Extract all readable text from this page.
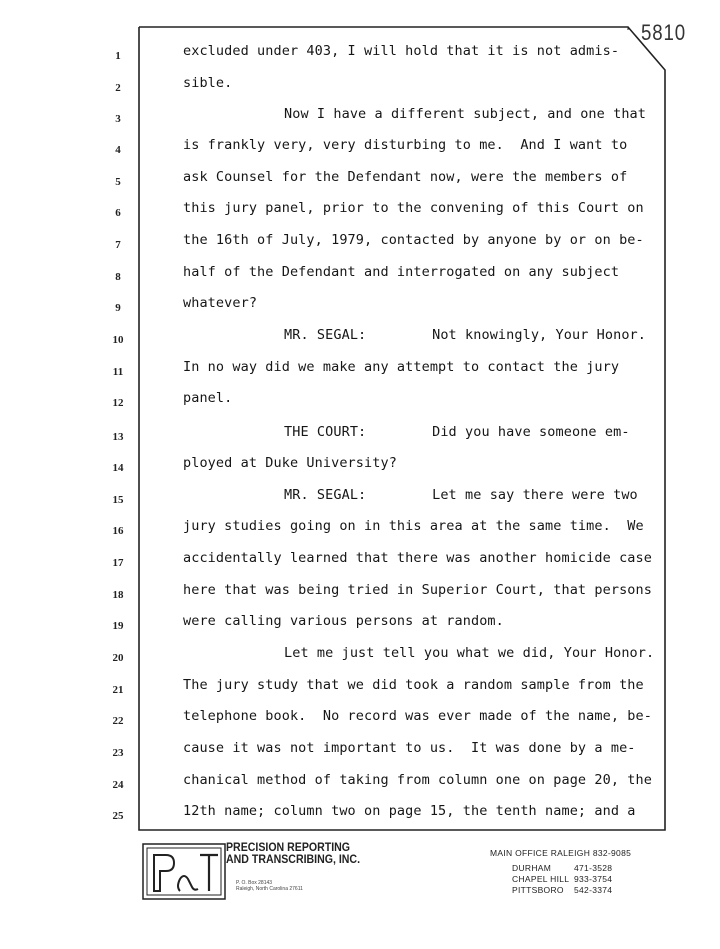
5810
1
2
3
4
5
6
7
8
9
10
11
12
13
14
15
16
17
18
19
20
21
22
23
24
25
excluded under 403, I will hold that it is not admis-
sible.
Now I have a different subject, and one that
is frankly very, very disturbing to me.  And I want to
ask Counsel for the Defendant now, were the members of
this jury panel, prior to the convening of this Court on
the 16th of July, 1979, contacted by anyone by or on be-
half of the Defendant and interrogated on any subject
whatever?
MR. SEGAL:        Not knowingly, Your Honor.
In no way did we make any attempt to contact the jury
panel.
THE COURT:        Did you have someone em-
ployed at Duke University?
MR. SEGAL:        Let me say there were two
jury studies going on in this area at the same time.  We
accidentally learned that there was another homicide case
here that was being tried in Superior Court, that persons
were calling various persons at random.
Let me just tell you what we did, Your Honor.
The jury study that we did took a random sample from the
telephone book.  No record was ever made of the name, be-
cause it was not important to us.  It was done by a me-
chanical method of taking from column one on page 20, the
12th name; column two on page 15, the tenth name; and a
PRECISION REPORTING
AND TRANSCRIBING, INC.
P. O. Box 28143
Raleigh, North Carolina 27611
MAIN OFFICE RALEIGH 832-9085
DURHAM	471-3528
CHAPEL HILL 933-3754
PITTSBORO 542-3374
